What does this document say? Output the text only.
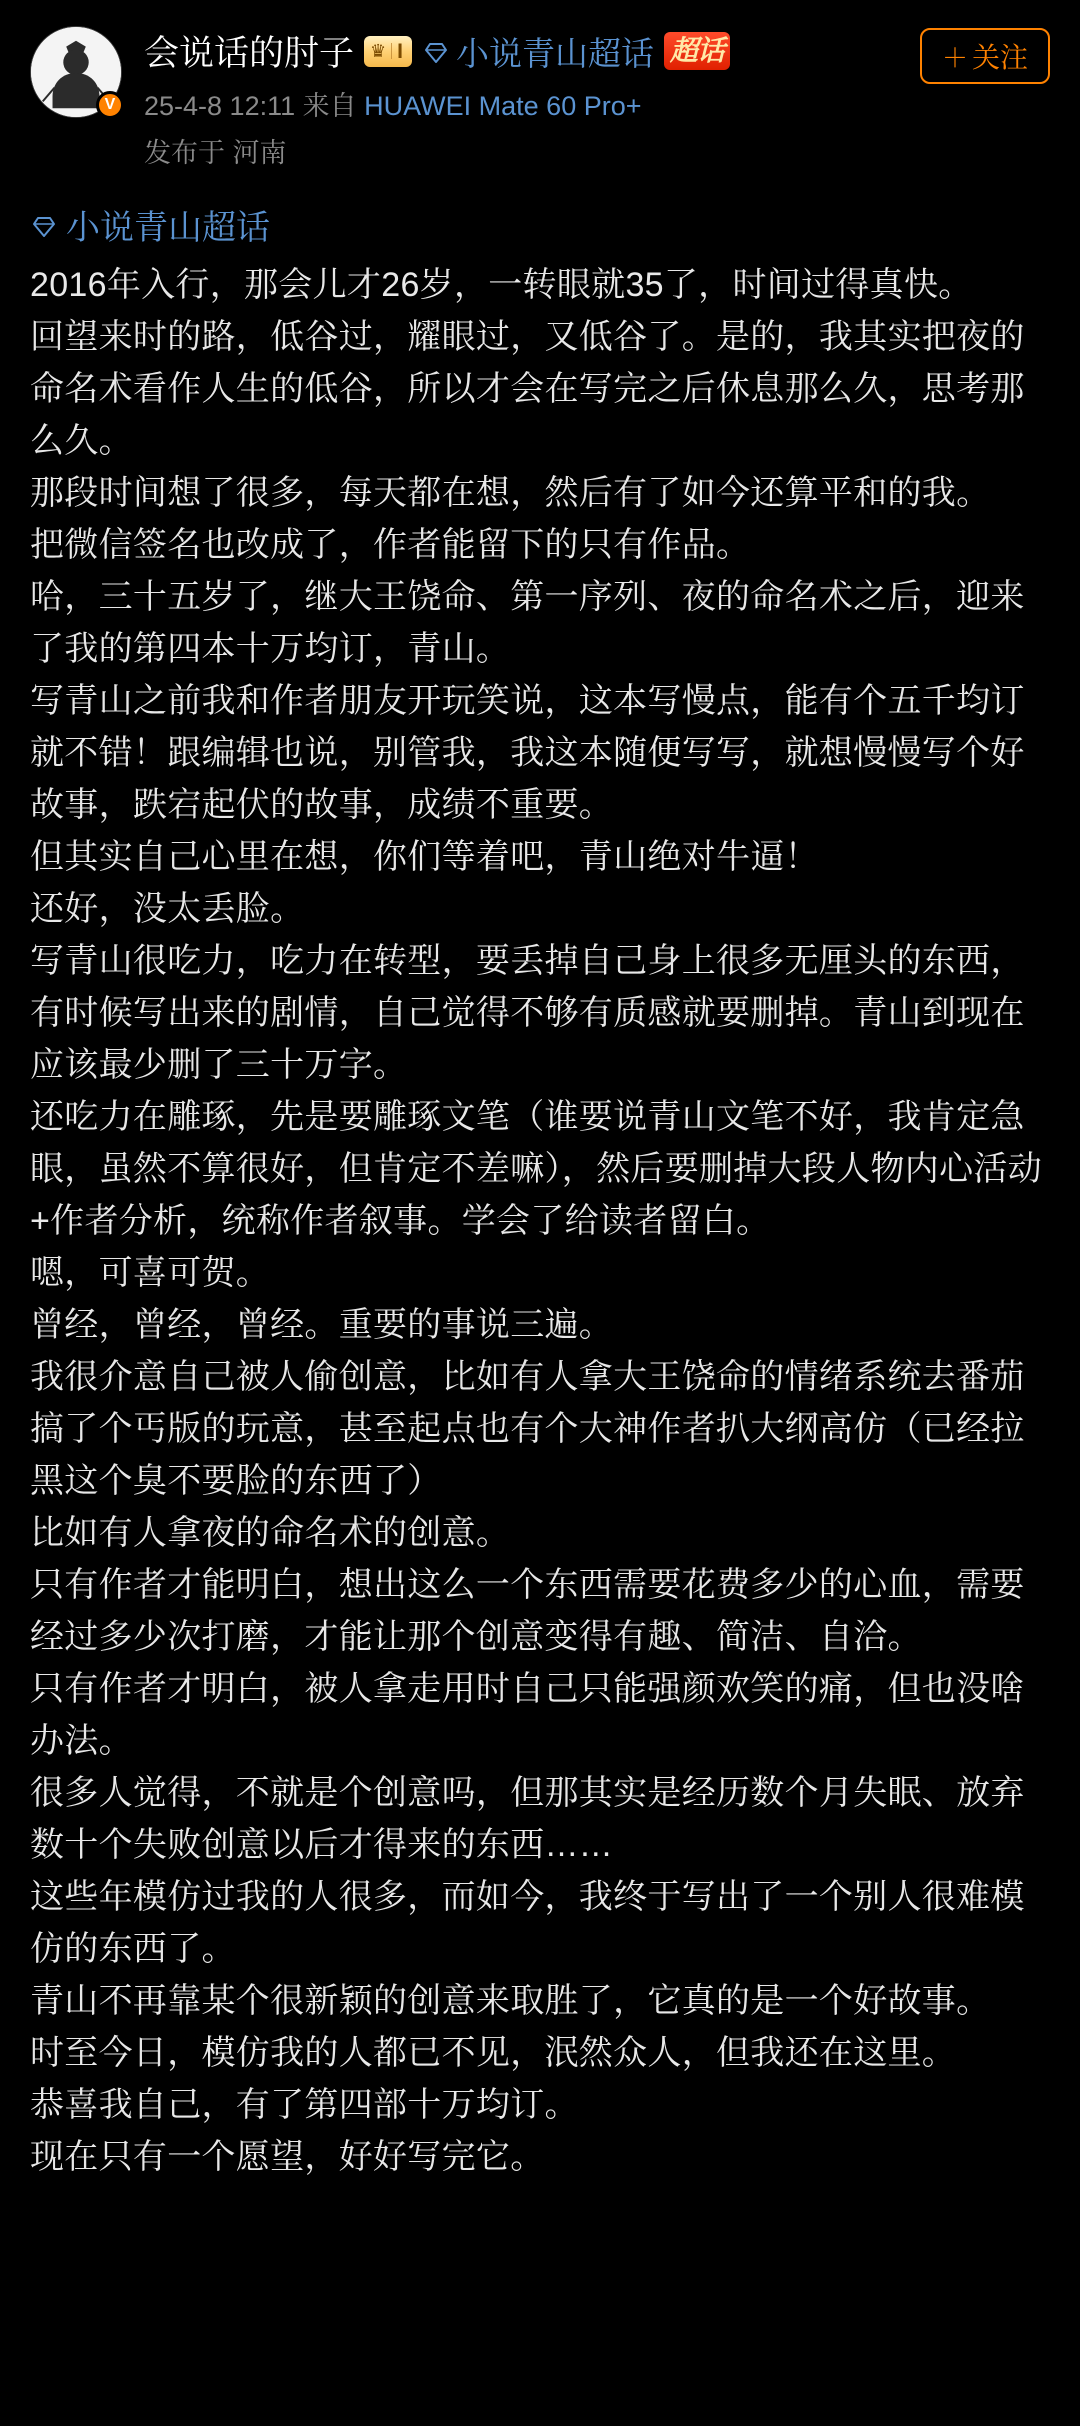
V
会说话的肘子 ♛ I 小说青山超话 超话
25-4-8 12:11 来自 HUAWEI Mate 60 Pro+
发布于 河南
＋ 关注
小说青山超话

2016年入行，那会儿才26岁，一转眼就35了，时间过得真快。

回望来时的路，低谷过，耀眼过，又低谷了。是的，我其实把夜的命名术看作人生的低谷，所以才会在写完之后休息那么久，思考那么久。

那段时间想了很多，每天都在想，然后有了如今还算平和的我。

把微信签名也改成了，作者能留下的只有作品。

哈，三十五岁了，继大王饶命、第一序列、夜的命名术之后，迎来了我的第四本十万均订，青山。

写青山之前我和作者朋友开玩笑说，这本写慢点，能有个五千均订就不错！跟编辑也说，别管我，我这本随便写写，就想慢慢写个好故事，跌宕起伏的故事，成绩不重要。

但其实自己心里在想，你们等着吧，青山绝对牛逼！

还好，没太丢脸。

写青山很吃力，吃力在转型，要丢掉自己身上很多无厘头的东西，有时候写出来的剧情，自己觉得不够有质感就要删掉。青山到现在应该最少删了三十万字。

还吃力在雕琢，先是要雕琢文笔（谁要说青山文笔不好，我肯定急眼，虽然不算很好，但肯定不差嘛），然后要删掉大段人物内心活动+作者分析，统称作者叙事。学会了给读者留白。

嗯，可喜可贺。

曾经，曾经，曾经。重要的事说三遍。

我很介意自己被人偷创意，比如有人拿大王饶命的情绪系统去番茄搞了个丐版的玩意，甚至起点也有个大神作者扒大纲高仿（已经拉黑这个臭不要脸的东西了）

比如有人拿夜的命名术的创意。

只有作者才能明白，想出这么一个东西需要花费多少的心血，需要经过多少次打磨，才能让那个创意变得有趣、简洁、自洽。

只有作者才明白，被人拿走用时自己只能强颜欢笑的痛，但也没啥办法。

很多人觉得，不就是个创意吗，但那其实是经历数个月失眠、放弃数十个失败创意以后才得来的东西……

这些年模仿过我的人很多，而如今，我终于写出了一个别人很难模仿的东西了。

青山不再靠某个很新颖的创意来取胜了，它真的是一个好故事。

时至今日，模仿我的人都已不见，泯然众人，但我还在这里。

恭喜我自己，有了第四部十万均订。

现在只有一个愿望，好好写完它。
